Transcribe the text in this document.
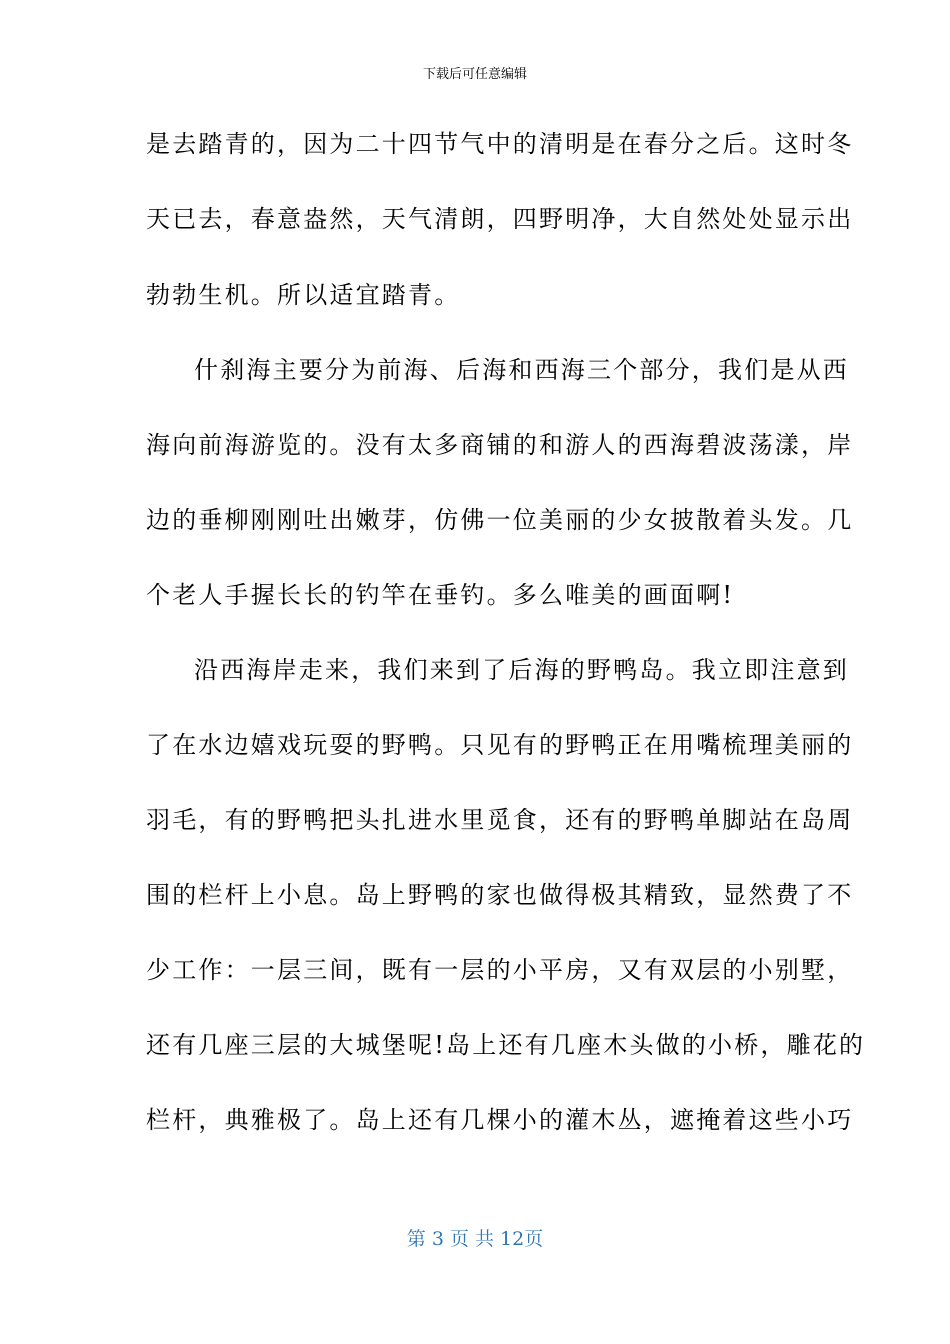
下载后可任意编辑
是去踏青的，因为二十四节气中的清明是在春分之后。这时冬
天已去，春意盎然，天气清朗，四野明净，大自然处处显示出
勃勃生机。所以适宜踏青。
什刹海主要分为前海、后海和西海三个部分，我们是从西
海向前海游览的。没有太多商铺的和游人的西海碧波荡漾，岸
边的垂柳刚刚吐出嫩芽，仿佛一位美丽的少女披散着头发。几
个老人手握长长的钓竿在垂钓。多么唯美的画面啊!
沿西海岸走来，我们来到了后海的野鸭岛。我立即注意到
了在水边嬉戏玩耍的野鸭。只见有的野鸭正在用嘴梳理美丽的
羽毛，有的野鸭把头扎进水里觅食，还有的野鸭单脚站在岛周
围的栏杆上小息。岛上野鸭的家也做得极其精致，显然费了不
少工作：一层三间，既有一层的小平房，又有双层的小别墅，
还有几座三层的大城堡呢!岛上还有几座木头做的小桥，雕花的
栏杆，典雅极了。岛上还有几棵小的灌木丛，遮掩着这些小巧
第 3 页 共 12页
